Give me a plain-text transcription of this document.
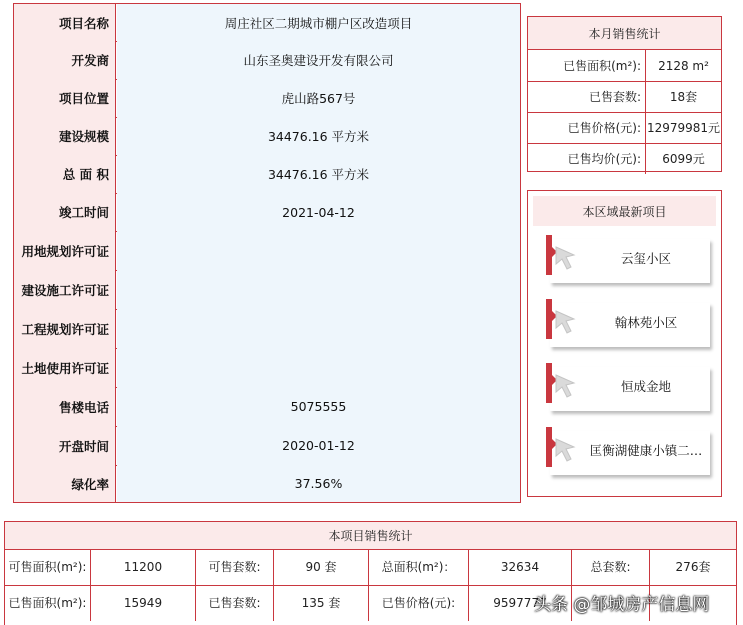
项目名称	周庄社区二期城市棚户区改造项目
开发商	山东圣奥建设开发有限公司
项目位置	虎山路567号
建设规模	34476.16 平方米
总 面 积	34476.16 平方米
竣工时间	2021-04-12
用地规划许可证
建设施工许可证
工程规划许可证
土地使用许可证
售楼电话	5075555
开盘时间	2020-01-12
绿化率	37.56%
本月销售统计
已售面积(m²):	2128 m²
已售套数:	18套
已售价格(元): 12979981元
已售均价(元):	6099元
本区域最新项目
云玺小区
翰林苑小区
恒成金地
匡衡湖健康小镇二…
本项目销售统计
可售面积(m²):	11200	可售套数:	90 套	总面积(m²)：	32634	总套数:	276套
已售面积(m²):	15949	已售套数:	135 套	已售价格(元):	9597777
头条 @邹城房产信息网
